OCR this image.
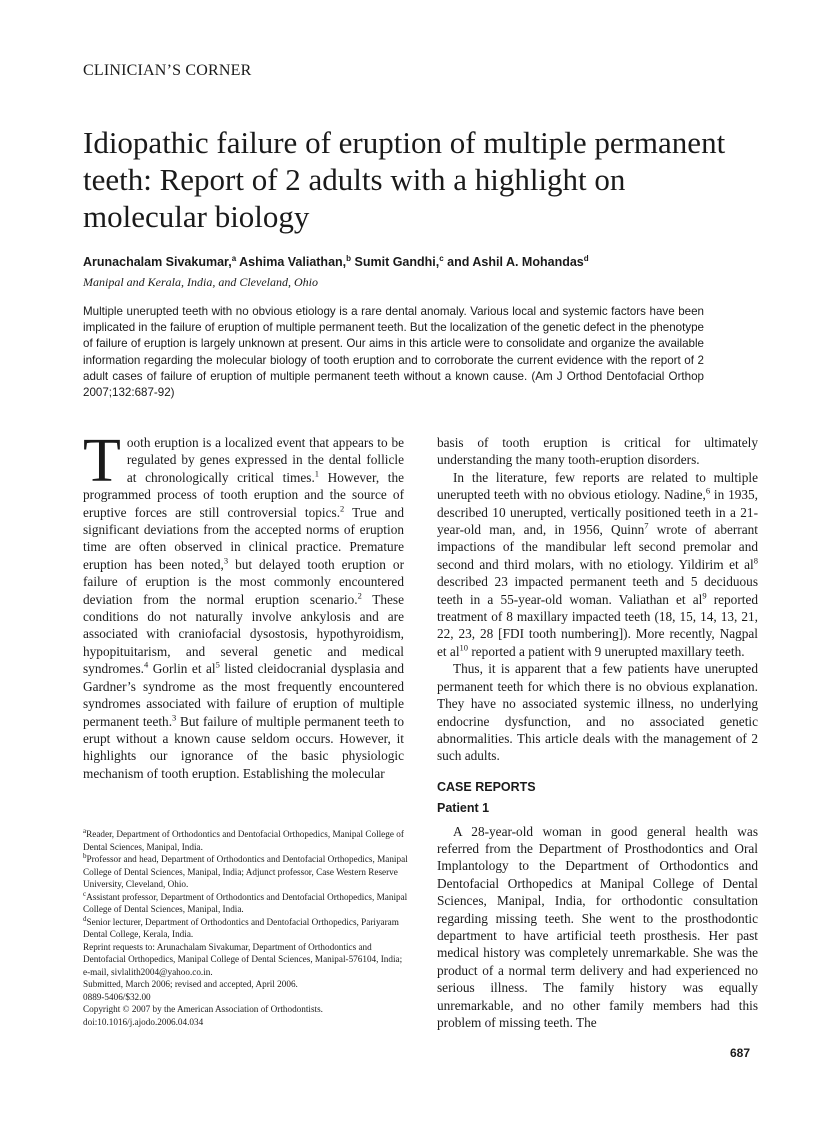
CLINICIAN’S CORNER
Idiopathic failure of eruption of multiple permanent teeth: Report of 2 adults with a highlight on molecular biology
Arunachalam Sivakumar,$^a$ Ashima Valiathan,$^b$ Sumit Gandhi,$^c$ and Ashil A. Mohandas$^d$
Manipal and Kerala, India, and Cleveland, Ohio

Multiple unerupted teeth with no obvious etiology is a rare dental anomaly. Various local and systemic factors have been implicated in the failure of eruption of multiple permanent teeth. But the localization of the genetic defect in the phenotype of failure of eruption is largely unknown at present. Our aims in this article were to consolidate and organize the available information regarding the molecular biology of tooth eruption and to corroborate the current evidence with the report of 2 adult cases of failure of eruption of multiple permanent teeth without a known cause. (Am J Orthod Dentofacial Orthop 2007;132:687-92)

Tooth eruption is a localized event that appears to be regulated by genes expressed in the dental follicle at chronologically critical times.$^1$ However, the programmed process of tooth eruption and the source of eruptive forces are still controversial topics.$^2$ True and significant deviations from the accepted norms of eruption time are often observed in clinical practice. Premature eruption has been noted,$^3$ but delayed tooth eruption or failure of eruption is the most commonly encountered deviation from the normal eruption scenario.$^2$ These conditions do not naturally involve ankylosis and are associated with craniofacial dysostosis, hypothyroidism, hypopituitarism, and several genetic and medical syndromes.$^4$ Gorlin et $al^5$ listed cleidocranial dysplasia and Gardner’s syndrome as the most frequently encountered syndromes associated with failure of eruption of multiple permanent teeth.$^3$ But failure of multiple permanent teeth to erupt without a known cause seldom occurs. However, it highlights our ignorance of the basic physiologic mechanism of tooth eruption. Establishing the molecular

basis of tooth eruption is critical for ultimately understanding the many tooth-eruption disorders.

In the literature, few reports are related to multiple unerupted teeth with no obvious etiology. Nadine,$^6$ in 1935, described 10 unerupted, vertically positioned teeth in a 21-year-old man, and, in 1956, Quinn$^7$ wrote of aberrant impactions of the mandibular left second premolar and second and third molars, with no etiology. Yildirim et $al^8$ described 23 impacted permanent teeth and 5 deciduous teeth in a 55-year-old woman. Valiathan et $al^9$ reported treatment of 8 maxillary impacted teeth (18, 15, 14, 13, 21, 22, 23, 28 [FDI tooth numbering]). More recently, Nagpal et $al^{10}$ reported a patient with 9 unerupted maxillary teeth.

Thus, it is apparent that a few patients have unerupted permanent teeth for which there is no obvious explanation. They have no associated systemic illness, no underlying endocrine dysfunction, and no associated genetic abnormalities. This article deals with the management of 2 such adults.

CASE REPORTS

Patient 1

A 28-year-old woman in good general health was referred from the Department of Prosthodontics and Oral Implantology to the Department of Orthodontics and Dentofacial Orthopedics at Manipal College of Dental Sciences, Manipal, India, for orthodontic consultation regarding missing teeth. She went to the prosthodontic department to have artificial teeth prosthesis. Her past medical history was completely unremarkable. She was the product of a normal term delivery and had experienced no serious illness. The family history was equally unremarkable, and no other family members had this problem of missing teeth. The

$^a$Reader, Department of Orthodontics and Dentofacial Orthopedics, Manipal College of Dental Sciences, Manipal, India.

$^b$Professor and head, Department of Orthodontics and Dentofacial Orthopedics, Manipal College of Dental Sciences, Manipal, India; Adjunct professor, Case Western Reserve University, Cleveland, Ohio.

$^c$Assistant professor, Department of Orthodontics and Dentofacial Orthopedics, Manipal College of Dental Sciences, Manipal, India.

$^d$Senior lecturer, Department of Orthodontics and Dentofacial Orthopedics, Pariyaram Dental College, Kerala, India.

Reprint requests to: Arunachalam Sivakumar, Department of Orthodontics and Dentofacial Orthopedics, Manipal College of Dental Sciences, Manipal-576104, India; e-mail, sivlalith2004@yahoo.co.in.

Submitted, March 2006; revised and accepted, April 2006.

0889-5406/$32.00

Copyright © 2007 by the American Association of Orthodontists.

doi:10.1016/j.ajodo.2006.04.034

687
